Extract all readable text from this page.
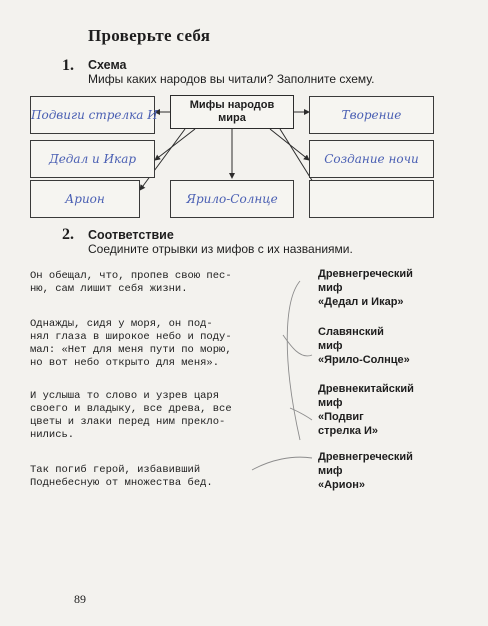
Проверьте себя
1. Схема
Мифы каких народов вы читали? Заполните схему.
Мифы народов
мира
Подвиги стрелка И
Дедал и Икар
Арион	Ярило-Солнце
Творение
Создание ночи
2. Соответствие
Соедините отрывки из мифов с их названиями.
Он обещал, что, пропев свою пес-
ню, сам лишит себя жизни.
Однажды, сидя у моря, он под-
нял глаза в широкое небо и поду-
мал: «Нет для меня пути по морю,
но вот небо открыто для меня».
И услыша то слово и узрев царя
своего и владыку, все древа, все
цветы и злаки перед ним прекло-
нились.
Так погиб герой, избавивший
Поднебесную от множества бед.
Древнегреческий
миф
«Дедал и Икар»
Славянский
миф
«Ярило-Солнце»
Древнекитайский
миф
«Подвиг
стрелка И»
Древнегреческий
миф
«Арион»
89
